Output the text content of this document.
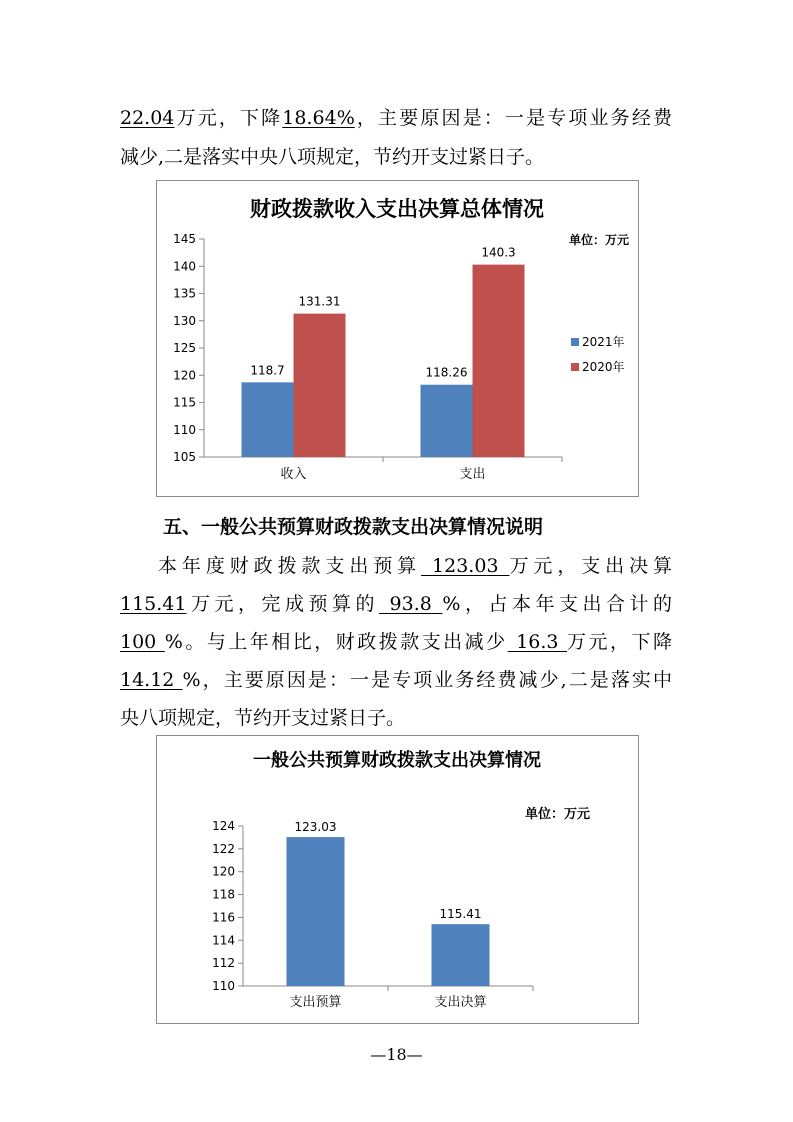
22.04万元，下降18.64%，主要原因是：一是专项业务经费
减少,二是落实中央八项规定，节约开支过紧日子。
财政拨款收入支出决算总体情况
单位：万元
105
110
115
120
125
130
135
140
145
收入	支出
118.7
131.31
118.26
140.3
2021年
2020年
五、一般公共预算财政拨款支出决算情况说明
本年度财政拨款支出预算 123.03 万元，支出决算
115.41万元，完成预算的 93.8 %，占本年支出合计的
100 %。与上年相比，财政拨款支出减少 16.3 万元，下降
14.12 %，主要原因是：一是专项业务经费减少,二是落实中
央八项规定，节约开支过紧日子。
一般公共预算财政拨款支出决算情况
单位：万元
110
112
114
116
118
120
122
124
支出预算	支出决算
123.03
115.41
—18—
